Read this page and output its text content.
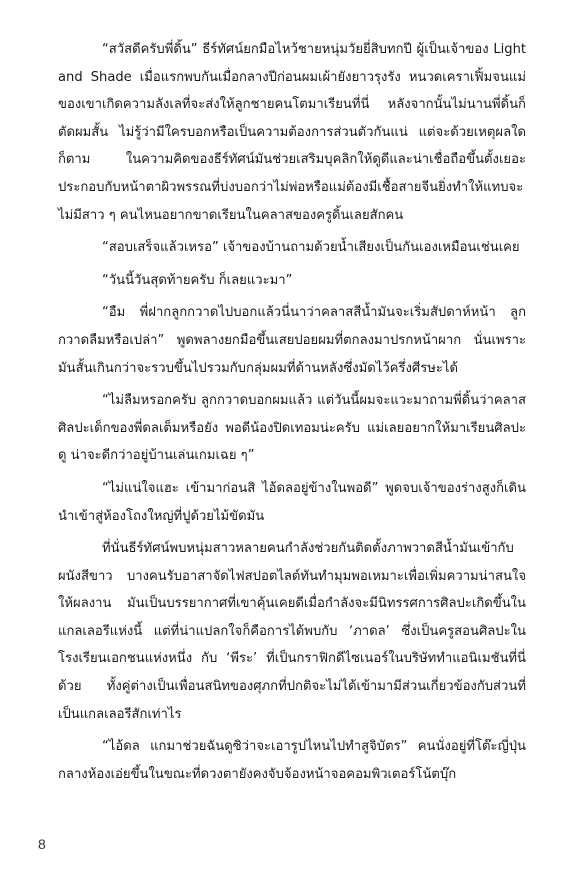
“สวัสดีครับพี่ดิ้น” ธีร์ทัศน์ยกมือไหว้ชายหนุ่มวัยยี่สิบทกปี ผู้เป็นเจ้าของ Light and Shade เมื่อแรกพบกันเมื่อกลางปีก่อนผมเผ้ายังยาวรุงรัง หนวดเคราเฟิ้มจนแม่ของเขาเกิดความลังเลที่จะส่งให้ลูกชายคนโตมาเรียนที่นี่ หลังจากนั้นไม่นานพี่ดิ้นก็ตัดผมสั้น ไม่รู้ว่ามีใครบอกหรือเป็นความต้องการส่วนตัวกันแน่ แต่จะด้วยเหตุผลใดก็ตาม ในความคิดของธีร์ทัศน์มันช่วยเสริมบุคลิกให้ดูดีและน่าเชื่อถือขึ้นตั้งเยอะ ประกอบกับหน้าตาผิวพรรณที่บ่งบอกว่าไม่พ่อหรือแม่ต้องมีเชื้อสายจีนยิ่งทำให้แทบจะไม่มีสาว ๆ คนไหนอยากขาดเรียนในคลาสของครูดิ้นเลยสักคน

“สอบเสร็จแล้วเหรอ” เจ้าของบ้านถามด้วยน้ำเสียงเป็นกันเองเหมือนเช่นเคย

“วันนี้วันสุดท้ายครับ ก็เลยแวะมา”

“อืม พี่ฝากลูกกวาดไปบอกแล้วนี่นาว่าคลาสสีน้ำมันจะเริ่มสัปดาห์หน้า ลูกกวาดลืมหรือเปล่า” พูดพลางยกมือขึ้นเสยปอยผมที่ตกลงมาปรกหน้าผาก นั่นเพราะมันสั้นเกินกว่าจะรวบขึ้นไปรวมกับกลุ่มผมที่ด้านหลังซึ่งมัดไว้ครึ่งศีรษะได้

“ไม่ลืมหรอกครับ ลูกกวาดบอกผมแล้ว แต่วันนี้ผมจะแวะมาถามพี่ดิ้นว่าคลาสศิลปะเด็กของพี่ดลเต็มหรือยัง พอดีน้องปิดเทอมน่ะครับ แม่เลยอยากให้มาเรียนศิลปะดู น่าจะดีกว่าอยู่บ้านเล่นเกมเฉย ๆ”

“ไม่แน่ใจแฮะ เข้ามาก่อนสิ ไอ้ดลอยู่ข้างในพอดี” พูดจบเจ้าของร่างสูงก็เดินนำเข้าสู่ห้องโถงใหญ่ที่ปูด้วยไม้ขัดมัน

ที่นั่นธีร์ทัศน์พบหนุ่มสาวหลายคนกำลังช่วยกันติดตั้งภาพวาดสีน้ำมันเข้ากับผนังสีขาว บางคนรับอาสาจัดไฟสปอตไลต์ทันทำมุมพอเหมาะเพื่อเพิ่มความน่าสนใจให้ผลงาน มันเป็นบรรยากาศที่เขาคุ้นเคยดีเมื่อกำลังจะมีนิทรรศการศิลปะเกิดขึ้นในแกลเลอรีแห่งนี้ แต่ที่น่าแปลกใจก็คือการได้พบกับ ‘ภาดล’ ซึ่งเป็นครูสอนศิลปะในโรงเรียนเอกชนแห่งหนึ่ง กับ ‘พีระ’ ที่เป็นกราฟิกดีไซเนอร์ในบริษัททำแอนิเมชันที่นี่ด้วย ทั้งคู่ต่างเป็นเพื่อนสนิทของศุภกที่ปกติจะไม่ได้เข้ามามีส่วนเกี่ยวข้องกับส่วนที่เป็นแกลเลอรีสักเท่าไร

“ไอ้ดล แกมาช่วยฉันดูซิว่าจะเอารูปไหนไปทำสูจิบัตร” คนนั่งอยู่ที่โต๊ะญี่ปุ่นกลางห้องเอ่ยขึ้นในขณะที่ดวงตายังคงจับจ้องหน้าจอคอมพิวเตอร์โน้ตบุ๊ก

8
